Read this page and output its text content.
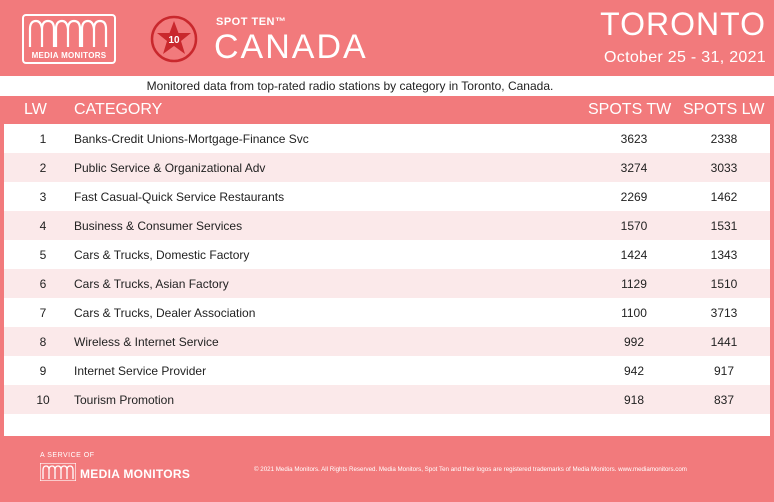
MEDIA MONITORS
10
SPOT TEN™
CANADA
TORONTO
October 25 - 31, 2021
Monitored data from top-rated radio stations by category in Toronto, Canada.
LW CATEGORY	SPOTS TW SPOTS LW
1	Banks-Credit Unions-Mortgage-Finance Svc	3623	2338
2	Public Service & Organizational Adv	3274	3033
3	Fast Casual-Quick Service Restaurants	2269	1462
4	Business & Consumer Services	1570	1531
5	Cars & Trucks, Domestic Factory	1424	1343
6	Cars & Trucks, Asian Factory	1129	1510
7	Cars & Trucks, Dealer Association	1100	3713
8	Wireless & Internet Service	992	1441
9	Internet Service Provider	942	917
10 Tourism Promotion	918	837
A SERVICE OF
MEDIA MONITORS	© 2021 Media Monitors. All Rights Reserved. Media Monitors, Spot Ten and their logos are registered trademarks of Media Monitors. www.mediamonitors.com
